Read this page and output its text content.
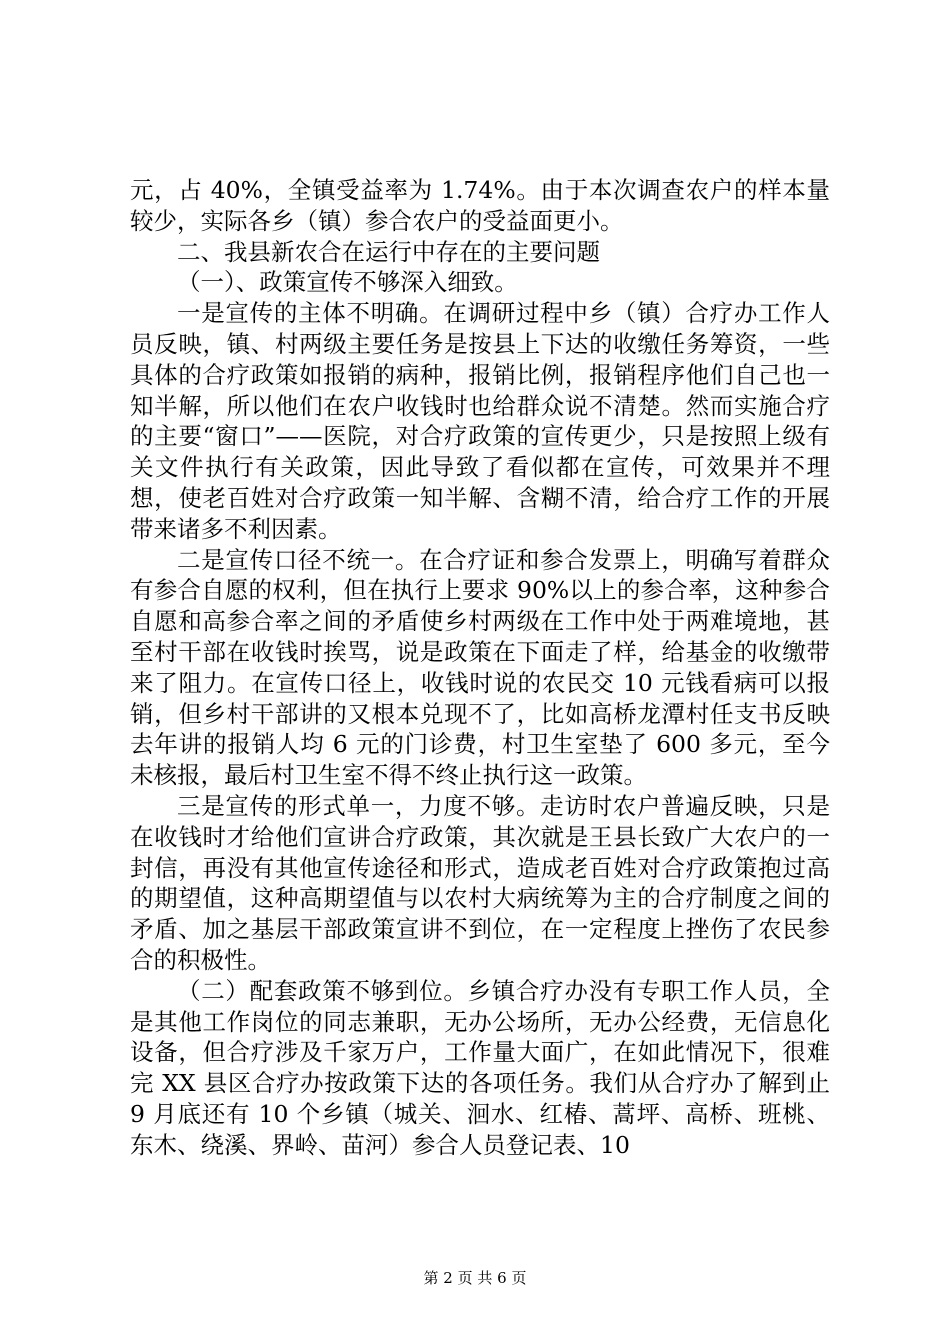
元，占 40%，全镇受益率为 1.74%。由于本次调查农户的样本量较少，实际各乡（镇）参合农户的受益面更小。

二、我县新农合在运行中存在的主要问题

（一）、政策宣传不够深入细致。

一是宣传的主体不明确。在调研过程中乡（镇）合疗办工作人员反映，镇、村两级主要任务是按县上下达的收缴任务筹资，一些具体的合疗政策如报销的病种，报销比例，报销程序他们自己也一知半解，所以他们在农户收钱时也给群众说不清楚。然而实施合疗的主要“窗口”——医院，对合疗政策的宣传更少，只是按照上级有关文件执行有关政策，因此导致了看似都在宣传，可效果并不理想，使老百姓对合疗政策一知半解、含糊不清，给合疗工作的开展带来诸多不利因素。

二是宣传口径不统一。在合疗证和参合发票上，明确写着群众有参合自愿的权利，但在执行上要求 90%以上的参合率，这种参合自愿和高参合率之间的矛盾使乡村两级在工作中处于两难境地，甚至村干部在收钱时挨骂，说是政策在下面走了样，给基金的收缴带来了阻力。在宣传口径上，收钱时说的农民交 10 元钱看病可以报销，但乡村干部讲的又根本兑现不了，比如高桥龙潭村任支书反映去年讲的报销人均 6 元的门诊费，村卫生室垫了 600 多元，至今未核报，最后村卫生室不得不终止执行这一政策。

三是宣传的形式单一，力度不够。走访时农户普遍反映，只是在收钱时才给他们宣讲合疗政策，其次就是王县长致广大农户的一封信，再没有其他宣传途径和形式，造成老百姓对合疗政策抱过高的期望值，这种高期望值与以农村大病统筹为主的合疗制度之间的矛盾、加之基层干部政策宣讲不到位，在一定程度上挫伤了农民参合的积极性。

（二）配套政策不够到位。乡镇合疗办没有专职工作人员，全是其他工作岗位的同志兼职，无办公场所，无办公经费，无信息化设备，但合疗涉及千家万户，工作量大面广，在如此情况下，很难完 XX 县区合疗办按政策下达的各项任务。我们从合疗办了解到止 9 月底还有 10 个乡镇（城关、洄水、红椿、蒿坪、高桥、班桃、东木、绕溪、界岭、苗河）参合人员登记表、10

第 2 页 共 6 页
